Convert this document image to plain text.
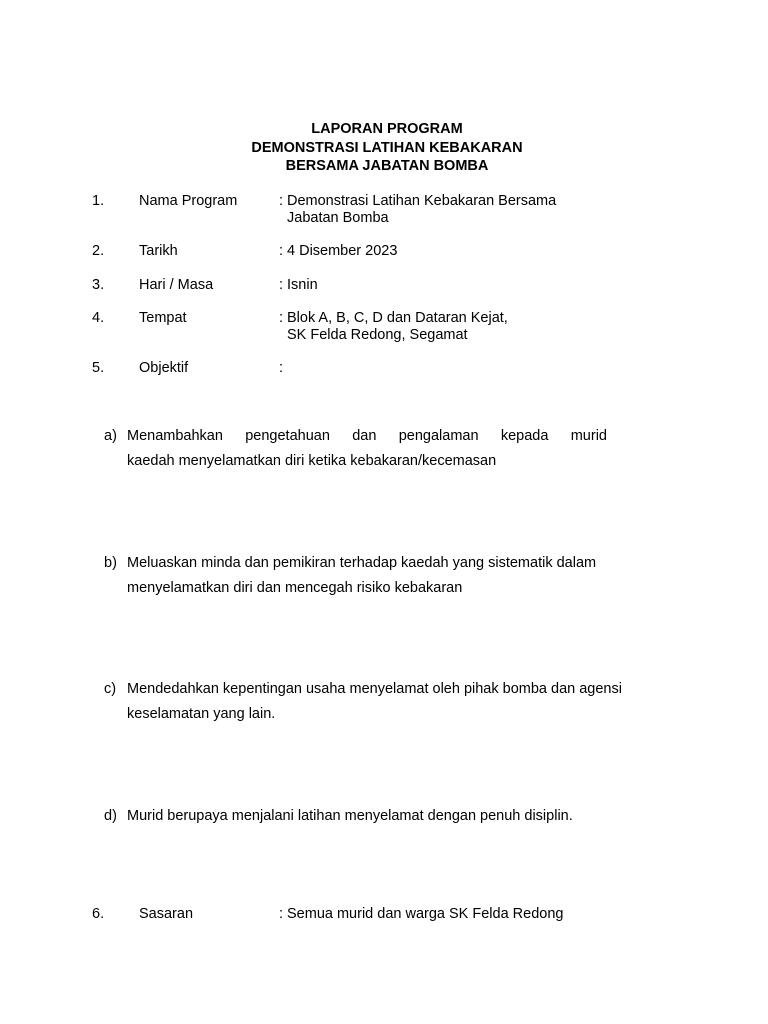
LAPORAN PROGRAM
DEMONSTRASI LATIHAN KEBAKARAN
BERSAMA JABATAN BOMBA
1. Nama Program	: Demonstrasi Latihan Kebakaran Bersama
Jabatan Bomba
2. Tarikh	: 4 Disember 2023
3. Hari / Masa	: Isnin
4. Tempat	: Blok A, B, C, D dan Dataran Kejat,
SK Felda Redong, Segamat
5. Objektif	:
a) Menambahkan pengetahuan dan pengalaman kepada murid
kaedah menyelamatkan diri ketika kebakaran/kecemasan
b) Meluaskan minda dan pemikiran terhadap kaedah yang sistematik dalam
menyelamatkan diri dan mencegah risiko kebakaran
c) Mendedahkan kepentingan usaha menyelamat oleh pihak bomba dan agensi
keselamatan yang lain.
d) Murid berupaya menjalani latihan menyelamat dengan penuh disiplin.
6. Sasaran	: Semua murid dan warga SK Felda Redong
